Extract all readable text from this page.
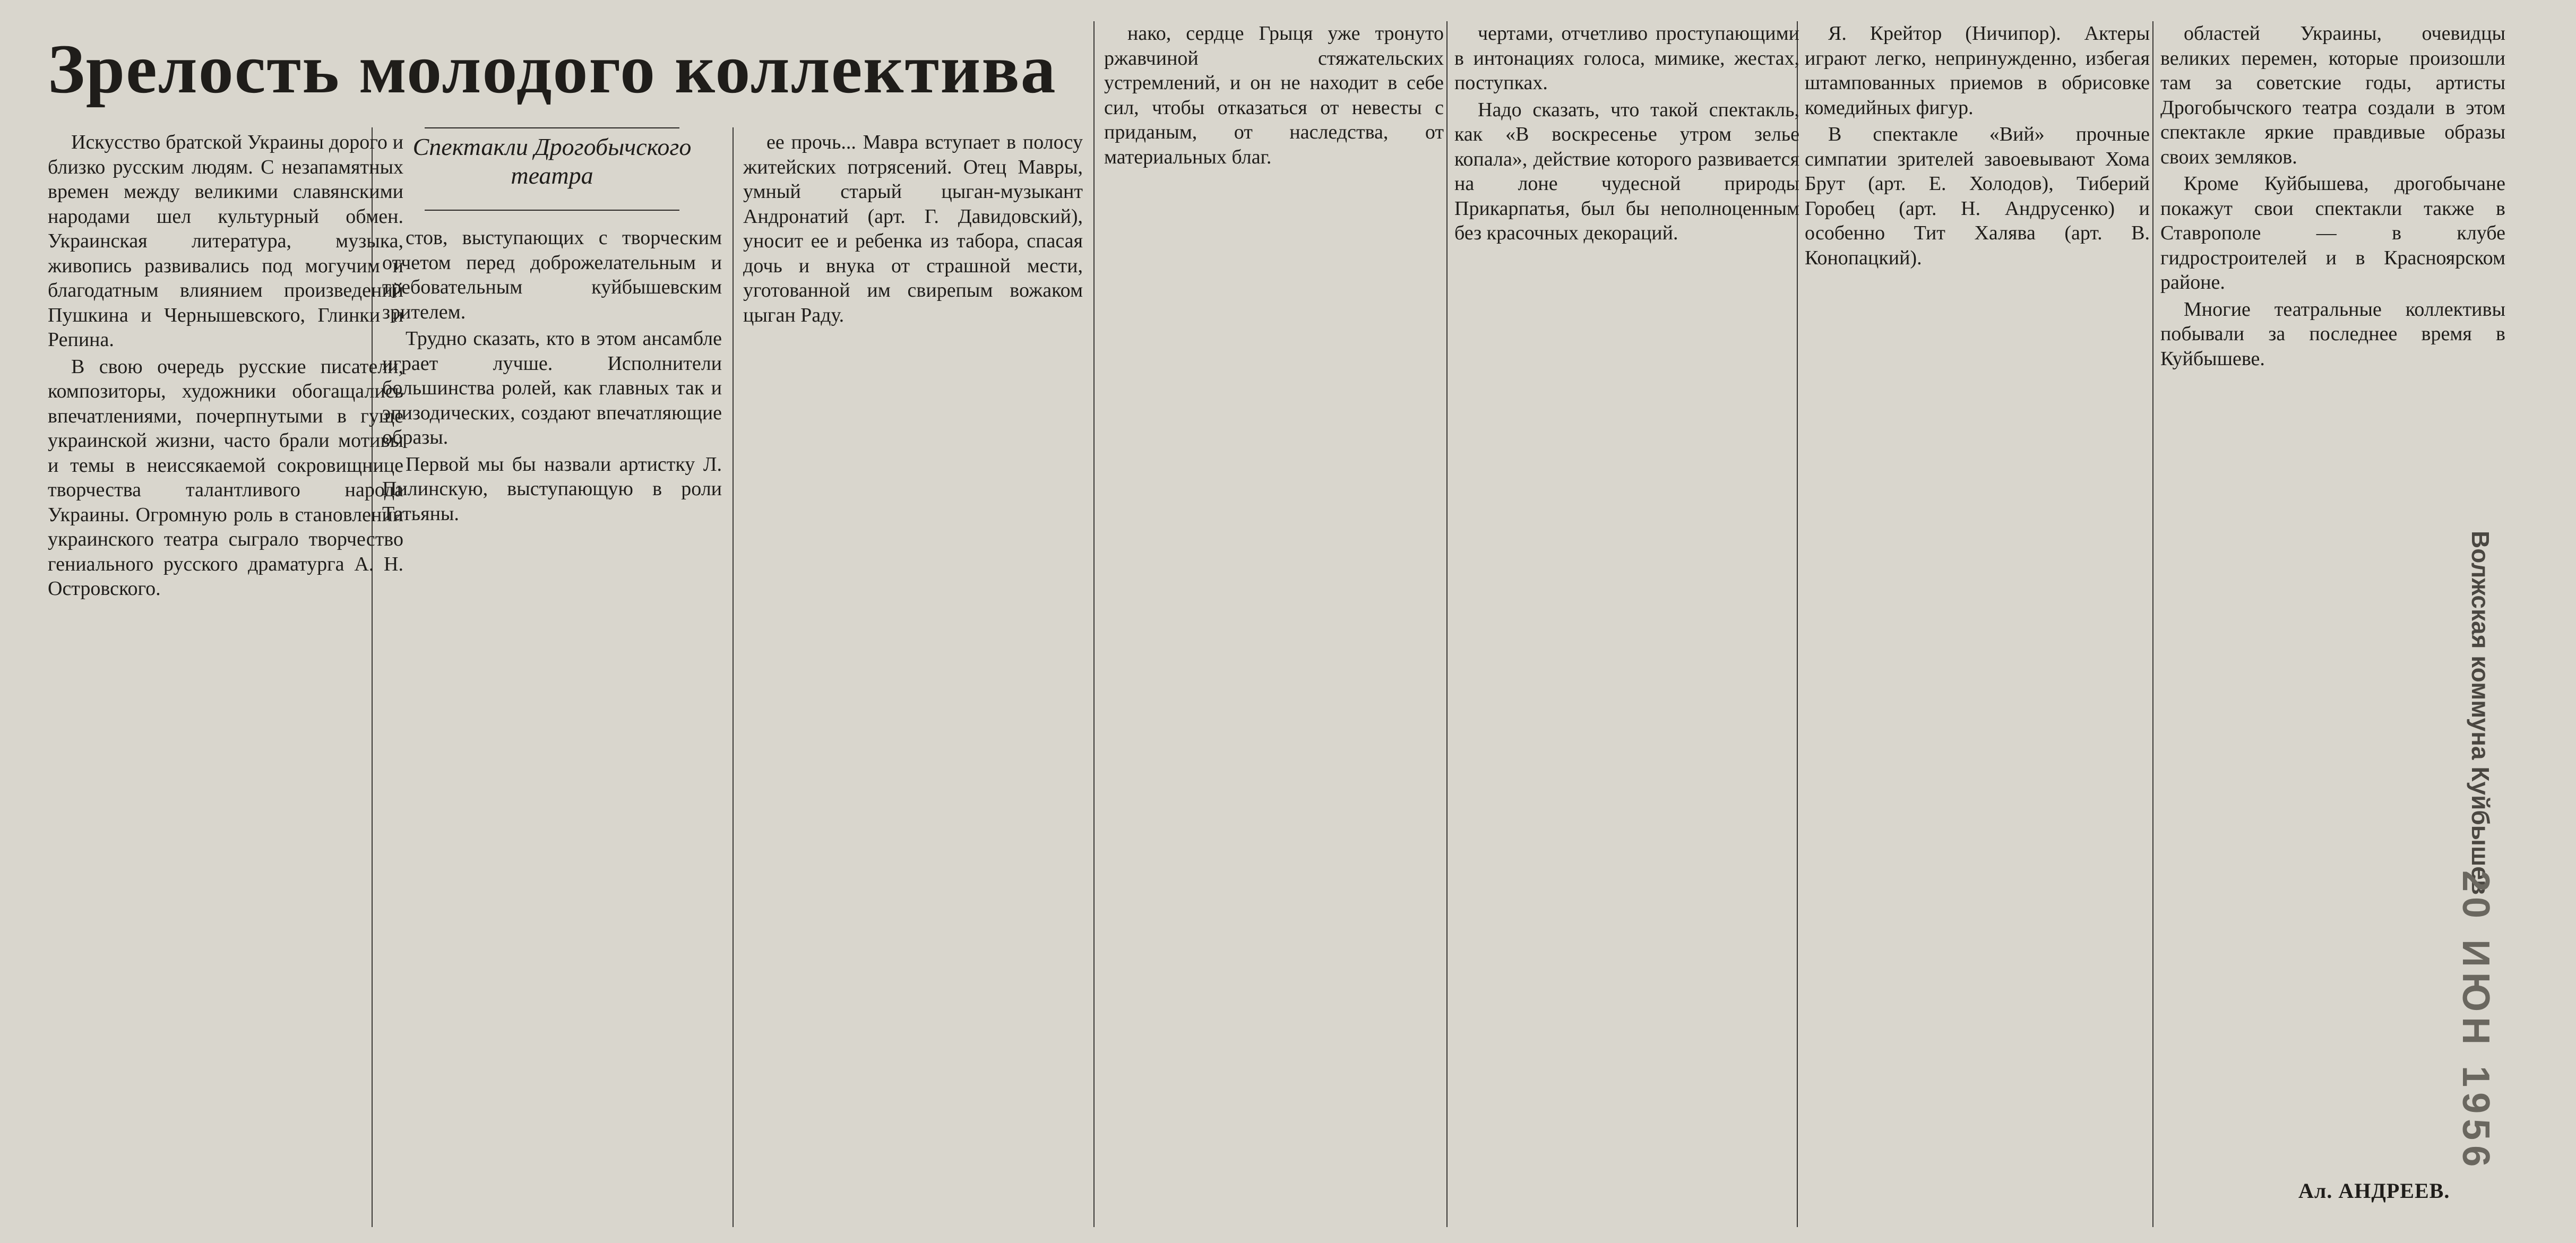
Зрелость молодого коллектива
Спектакли Дрогобычского театра

Искусство братской Украины дорого и близко русским людям. С незапамятных времен между великими славянскими народами шел культурный обмен. Украинская литература, музыка, живопись развивались под могучим и благодатным влиянием произведений Пушкина и Чернышевского, Глинки и Репина.

В свою очередь русские писатели, композиторы, художники обогащались впечатлениями, почерпнутыми в гуще украинской жизни, часто брали мотивы и темы в неиссякаемой сокровищнице творчества талантливого народа Украины. Огромную роль в становлении украинского театра сыграло творчество гениального русского драматурга А. Н. Островского.

стов, выступающих с творческим отчетом перед доброжелательным и требовательным куйбышевским зрителем.

Трудно сказать, кто в этом ансамбле играет лучше. Исполнители большинства ролей, как главных так и эпизодических, создают впечатляющие образы.

Первой мы бы назвали артистку Л. Пилинскую, выступающую в роли Татьяны.

ее прочь... Мавра вступает в полосу житейских потрясений. Отец Мавры, умный старый цыган-музыкант Андронатий (арт. Г. Давидовский), уносит ее и ребенка из табора, спасая дочь и внука от страшной мести, уготованной им свирепым вожаком цыган Раду.

нако, сердце Грыця уже тронуто ржавчиной стяжательских устремлений, и он не находит в себе сил, чтобы отказаться от невесты с приданым, от наследства, от материальных благ.

чертами, отчетливо проступающими в интонациях голоса, мимике, жестах, поступках.

Надо сказать, что такой спектакль, как «В воскресенье утром зелье копала», действие которого развивается на лоне чудесной природы Прикарпатья, был бы неполноценным без красочных декораций.

Я. Крейтор (Ничипор). Актеры играют легко, непринужденно, избегая штампованных приемов в обрисовке комедийных фигур.

В спектакле «Вий» прочные симпатии зрителей завоевывают Хома Брут (арт. Е. Холодов), Тиберий Горобец (арт. Н. Андрусенко) и особенно Тит Халява (арт. В. Конопацкий).

областей Украины, очевидцы великих перемен, которые произошли там за советские годы, артисты Дрогобычского театра создали в этом спектакле яркие правдивые образы своих земляков.

Кроме Куйбышева, дрогобычане покажут свои спектакли также в Ставрополе — в клубе гидростроителей и в Красноярском районе.

Многие театральные коллективы побывали за последнее время в Куйбышеве.

Ал. АНДРЕЕВ.
Волжская коммуна Куйбышев
20 ИЮН 1956
